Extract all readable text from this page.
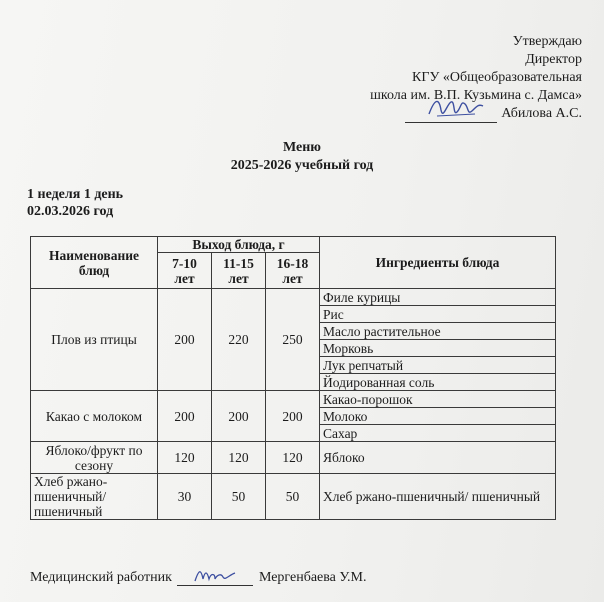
Утверждаю
Директор
КГУ «Общеобразовательная
школа им. В.П. Кузьмина с. Дамса»
Абилова А.С.
Меню
2025-2026 учебный год
1 неделя 1 день
02.03.2026 год
Наименование блюд	Выход блюда, г			Ингредиенты блюда
	7-10 лет	11-15 лет	16-18 лет	
Плов из птицы	200	220	250	Филе курицы
				Рис
				Масло растительное
				Морковь
				Лук репчатый
				Йодированная соль
Какао с молоком	200	200	200	Какао-порошок
				Молоко
				Сахар
Яблоко/фрукт по сезону	120	120	120	Яблоко
Хлеб ржано-пшеничный/ пшеничный	30	50	50	Хлеб ржано-пшеничный/ пшеничный
Медицинский работник	Мергенбаева У.М.
